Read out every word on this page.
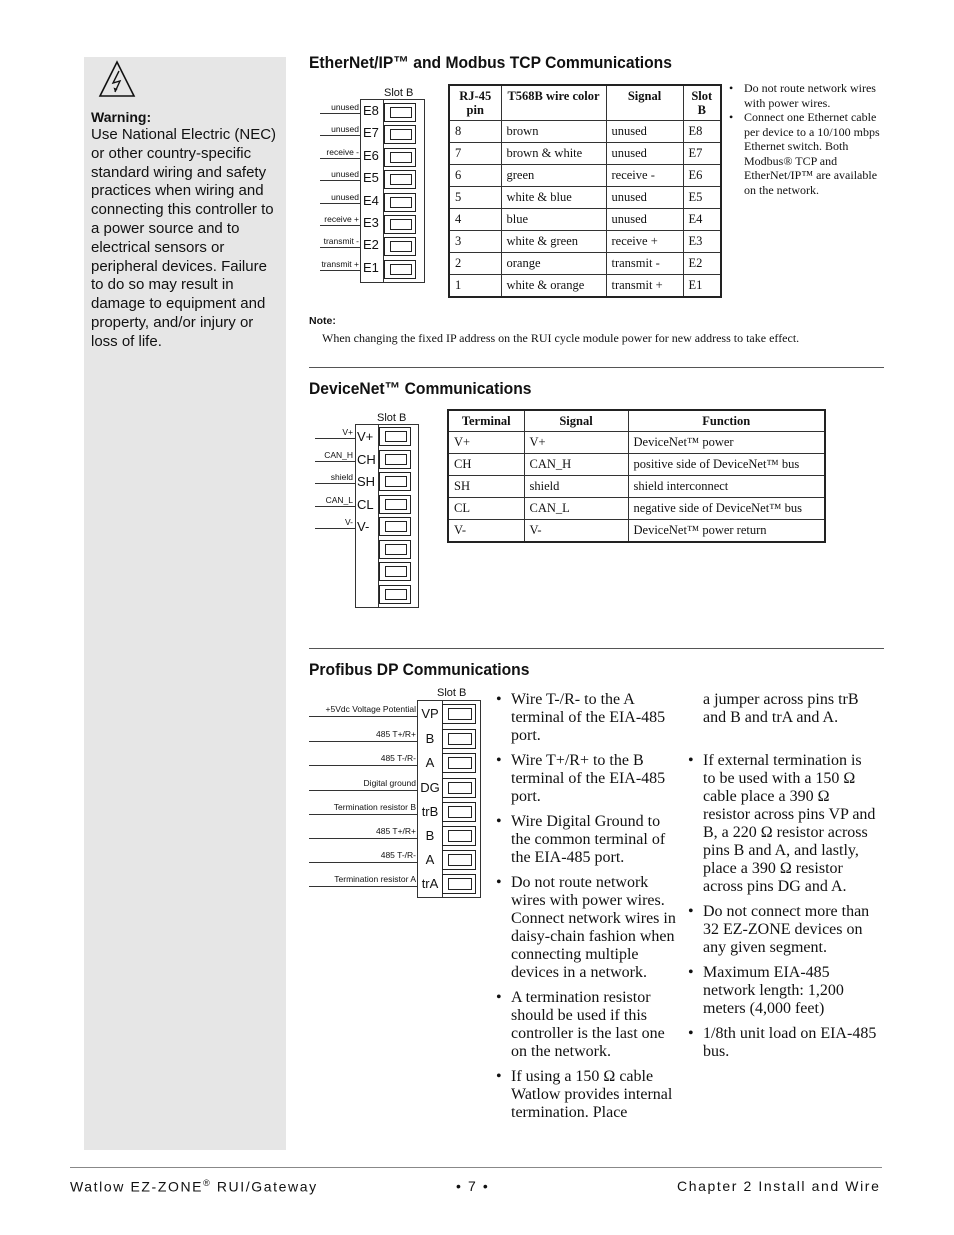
Warning:
Use National Electric (NEC) or other country-specific standard wiring and safety practices when wiring and connecting this controller to a power source and to electrical sensors or peripheral devices. Failure to do so may result in damage to equipment and property, and/or injury or loss of life.
EtherNet/IP™ and Modbus TCP Communications
Slot B
E8
unused
E7
unused
E6
receive -
E5
unused
E4
unused
E3
receive +
E2
transmit -
E1
transmit +
RJ-45 pin	T568B wire color	Signal	Slot B
8	brown	unused	E8
7	brown & white	unused	E7
6	green	receive -	E6
5	white & blue	unused	E5
4	blue	unused	E4
3	white & green	receive +	E3
2	orange	transmit -	E2
1	white & orange	transmit +	E1
• Do not route network wires with power wires.
• Connect one Ethernet cable per device to a 10/100 mbps Ethernet switch. Both Modbus® TCP and EtherNet/IP™ are available on the network.
Note:
When changing the fixed IP address on the RUI cycle module power for new address to take effect.
DeviceNet™ Communications
Slot B
V+
V+
CH
CAN_H
SH
shield
CL
CAN_L
V-
V-
Terminal	Signal	Function
V+	V+	DeviceNet™ power
CH	CAN_H	positive side of DeviceNet™ bus
SH	shield	shield interconnect
CL	CAN_L	negative side of DeviceNet™ bus
V-	V-	DeviceNet™ power return
Profibus DP Communications
Slot B
VP
+5Vdc Voltage Potential
B
485 T+/R+
A
485 T-/R-
DG
Digital ground
trB
Termination resistor B
B
485 T+/R+
A
485 T-/R-
trA
Termination resistor A
• Wire T-/R- to the A terminal of the EIA-485 port.
• Wire T+/R+ to the B terminal of the EIA-485 port.
• Wire Digital Ground to the common terminal of the EIA-485 port.
• Do not route network wires with power wires. Connect network wires in daisy-chain fashion when connecting multiple devices in a network.
• A termination resistor should be used if this controller is the last one on the network.
• If using a 150 Ω cable Watlow provides internal termination. Place
a jumper across pins trB and B and trA and A.
• If external termination is to be used with a 150 Ω cable place a 390 Ω resistor across pins VP and B, a 220 Ω resistor across pins B and A, and lastly, place a 390 Ω resistor across pins DG and A.
• Do not connect more than 32 EZ-ZONE devices on any given segment.
• Maximum EIA-485 network length: 1,200 meters (4,000 feet)
• 1/8th unit load on EIA-485 bus.
Watlow EZ-ZONE® RUI/Gateway	• 7 •	Chapter 2 Install and Wire
